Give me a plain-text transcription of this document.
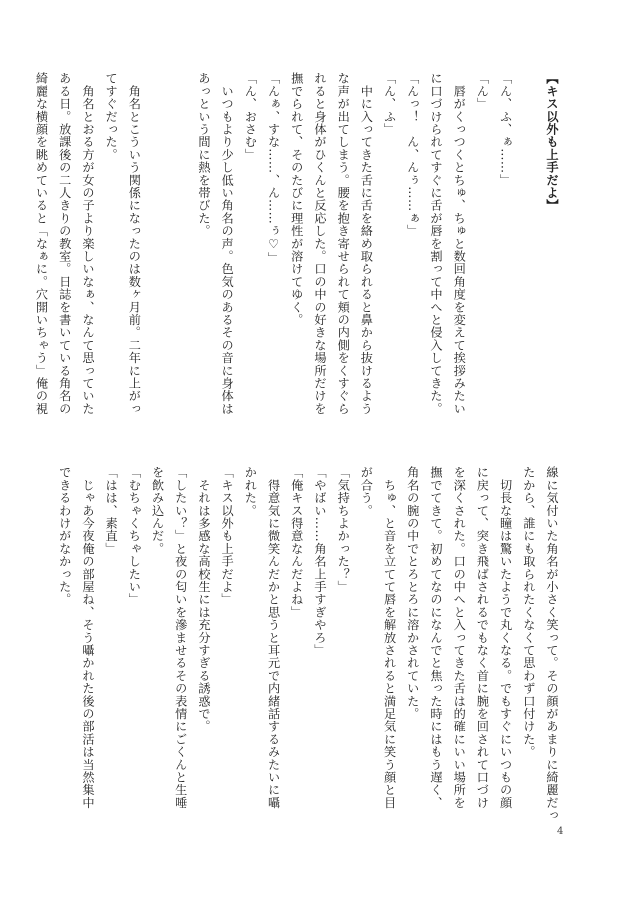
【キス以外も上手だよ】

「ん、ふ、ぁ……」
「ん」
　唇がくっつくとちゅ、ちゅと数回角度を変えて挨拶みたい
に口づけられてすぐに舌が唇を割って中へと侵入してきた。
「んっ！　ん、んぅ……ぁ」
「ん、ふ」
　中に入ってきた舌に舌を絡め取られると鼻から抜けるよう
な声が出てしまう。腰を抱き寄せられて頬の内側をくすぐら
れると身体がひくんと反応した。口の中の好きな場所だけを
撫でられて、そのたびに理性が溶けてゆく。
「んぁ、すな……、ん……ぅ♡」
「ん、おさむ」
　いつもより少し低い角名の声。色気のあるその音に身体は
あっという間に熱を帯びた。

　角名とこういう関係になったのは数ヶ月前。二年に上がっ
てすぐだった。
　角名とおる方が女の子より楽しいなぁ、なんて思っていた
ある日。放課後の二人きりの教室。日誌を書いている角名の
綺麗な横顔を眺めていると「なぁに。穴開いちゃう」俺の視
線に気付いた角名が小さく笑って。その顔があまりに綺麗だっ
たから、誰にも取られたくなくて思わず口付けた。
　切長な瞳は驚いたようで丸くなる。でもすぐにいつもの顔
に戻って、突き飛ばされるでもなく首に腕を回されて口づけ
を深くされた。口の中へと入ってきた舌は的確にいい場所を
撫でてきて。初めてなのになんでと焦った時にはもう遅く、
角名の腕の中でとろとろに溶かされていた。
　ちゅ、と音を立てて唇を解放されると満足気に笑う顔と目
が合う。
「気持ちよかった？」
「やばい……角名上手すぎやろ」
「俺キス得意なんだよね」
　得意気に微笑んだかと思うと耳元で内緒話するみたいに囁
かれた。
「キス以外も上手だよ」
　それは多感な高校生には充分すぎる誘惑で。
「したい？」と夜の匂いを滲ませるその表情にごくんと生唾
を飲み込んだ。
「むちゃくちゃしたい」
「はは、素直」
　じゃあ今夜俺の部屋ね、そう囁かれた後の部活は当然集中
できるわけがなかった。
4
